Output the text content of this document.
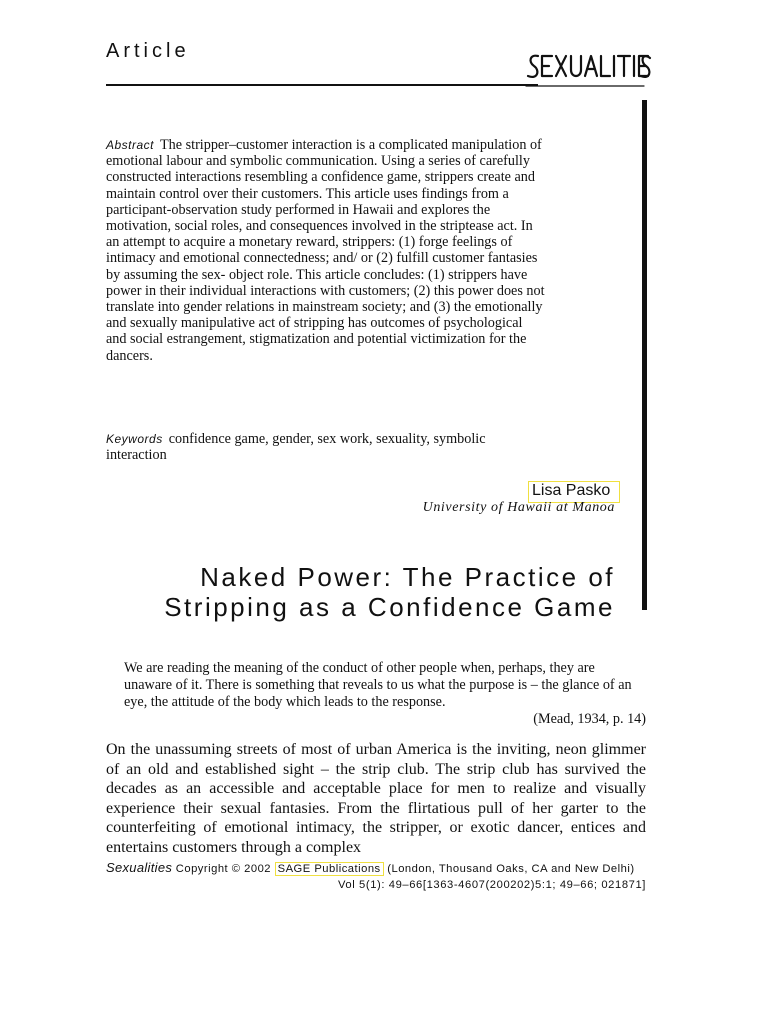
Article
Abstract The stripper–customer interaction is a complicated manipulation of emotional labour and symbolic communication. Using a series of carefully constructed interactions resembling a confidence game, strippers create and maintain control over their customers. This article uses findings from a participant-observation study performed in Hawaii and explores the motivation, social roles, and consequences involved in the striptease act. In an attempt to acquire a monetary reward, strippers: (1) forge feelings of intimacy and emotional connectedness; and/ or (2) fulfill customer fantasies by assuming the sex- object role. This article concludes: (1) strippers have power in their individual interactions with customers; (2) this power does not translate into gender relations in mainstream society; and (3) the emotionally and sexually manipulative act of stripping has outcomes of psychological and social estrangement, stigmatization and potential victimization for the dancers.
Keywords confidence game, gender, sex work, sexuality, symbolic interaction
Lisa Pasko
University of Hawaii at Manoa
Naked Power: The Practice of
Stripping as a Confidence Game
We are reading the meaning of the conduct of other people when, perhaps, they are unaware of it. There is something that reveals to us what the purpose is – the glance of an eye, the attitude of the body which leads to the response.
(Mead, 1934, p. 14)
On the unassuming streets of most of urban America is the inviting, neon glimmer of an old and established sight – the strip club. The strip club has survived the decades as an accessible and acceptable place for men to realize and visually experience their sexual fantasies. From the flirtatious pull of her garter to the counterfeiting of emotional intimacy, the stripper, or exotic dancer, entices and entertains customers through a complex
Sexualities Copyright © 2002 SAGE Publications (London, Thousand Oaks, CA and New Delhi)
Vol 5(1): 49–66[1363-4607(200202)5:1; 49–66; 021871]
